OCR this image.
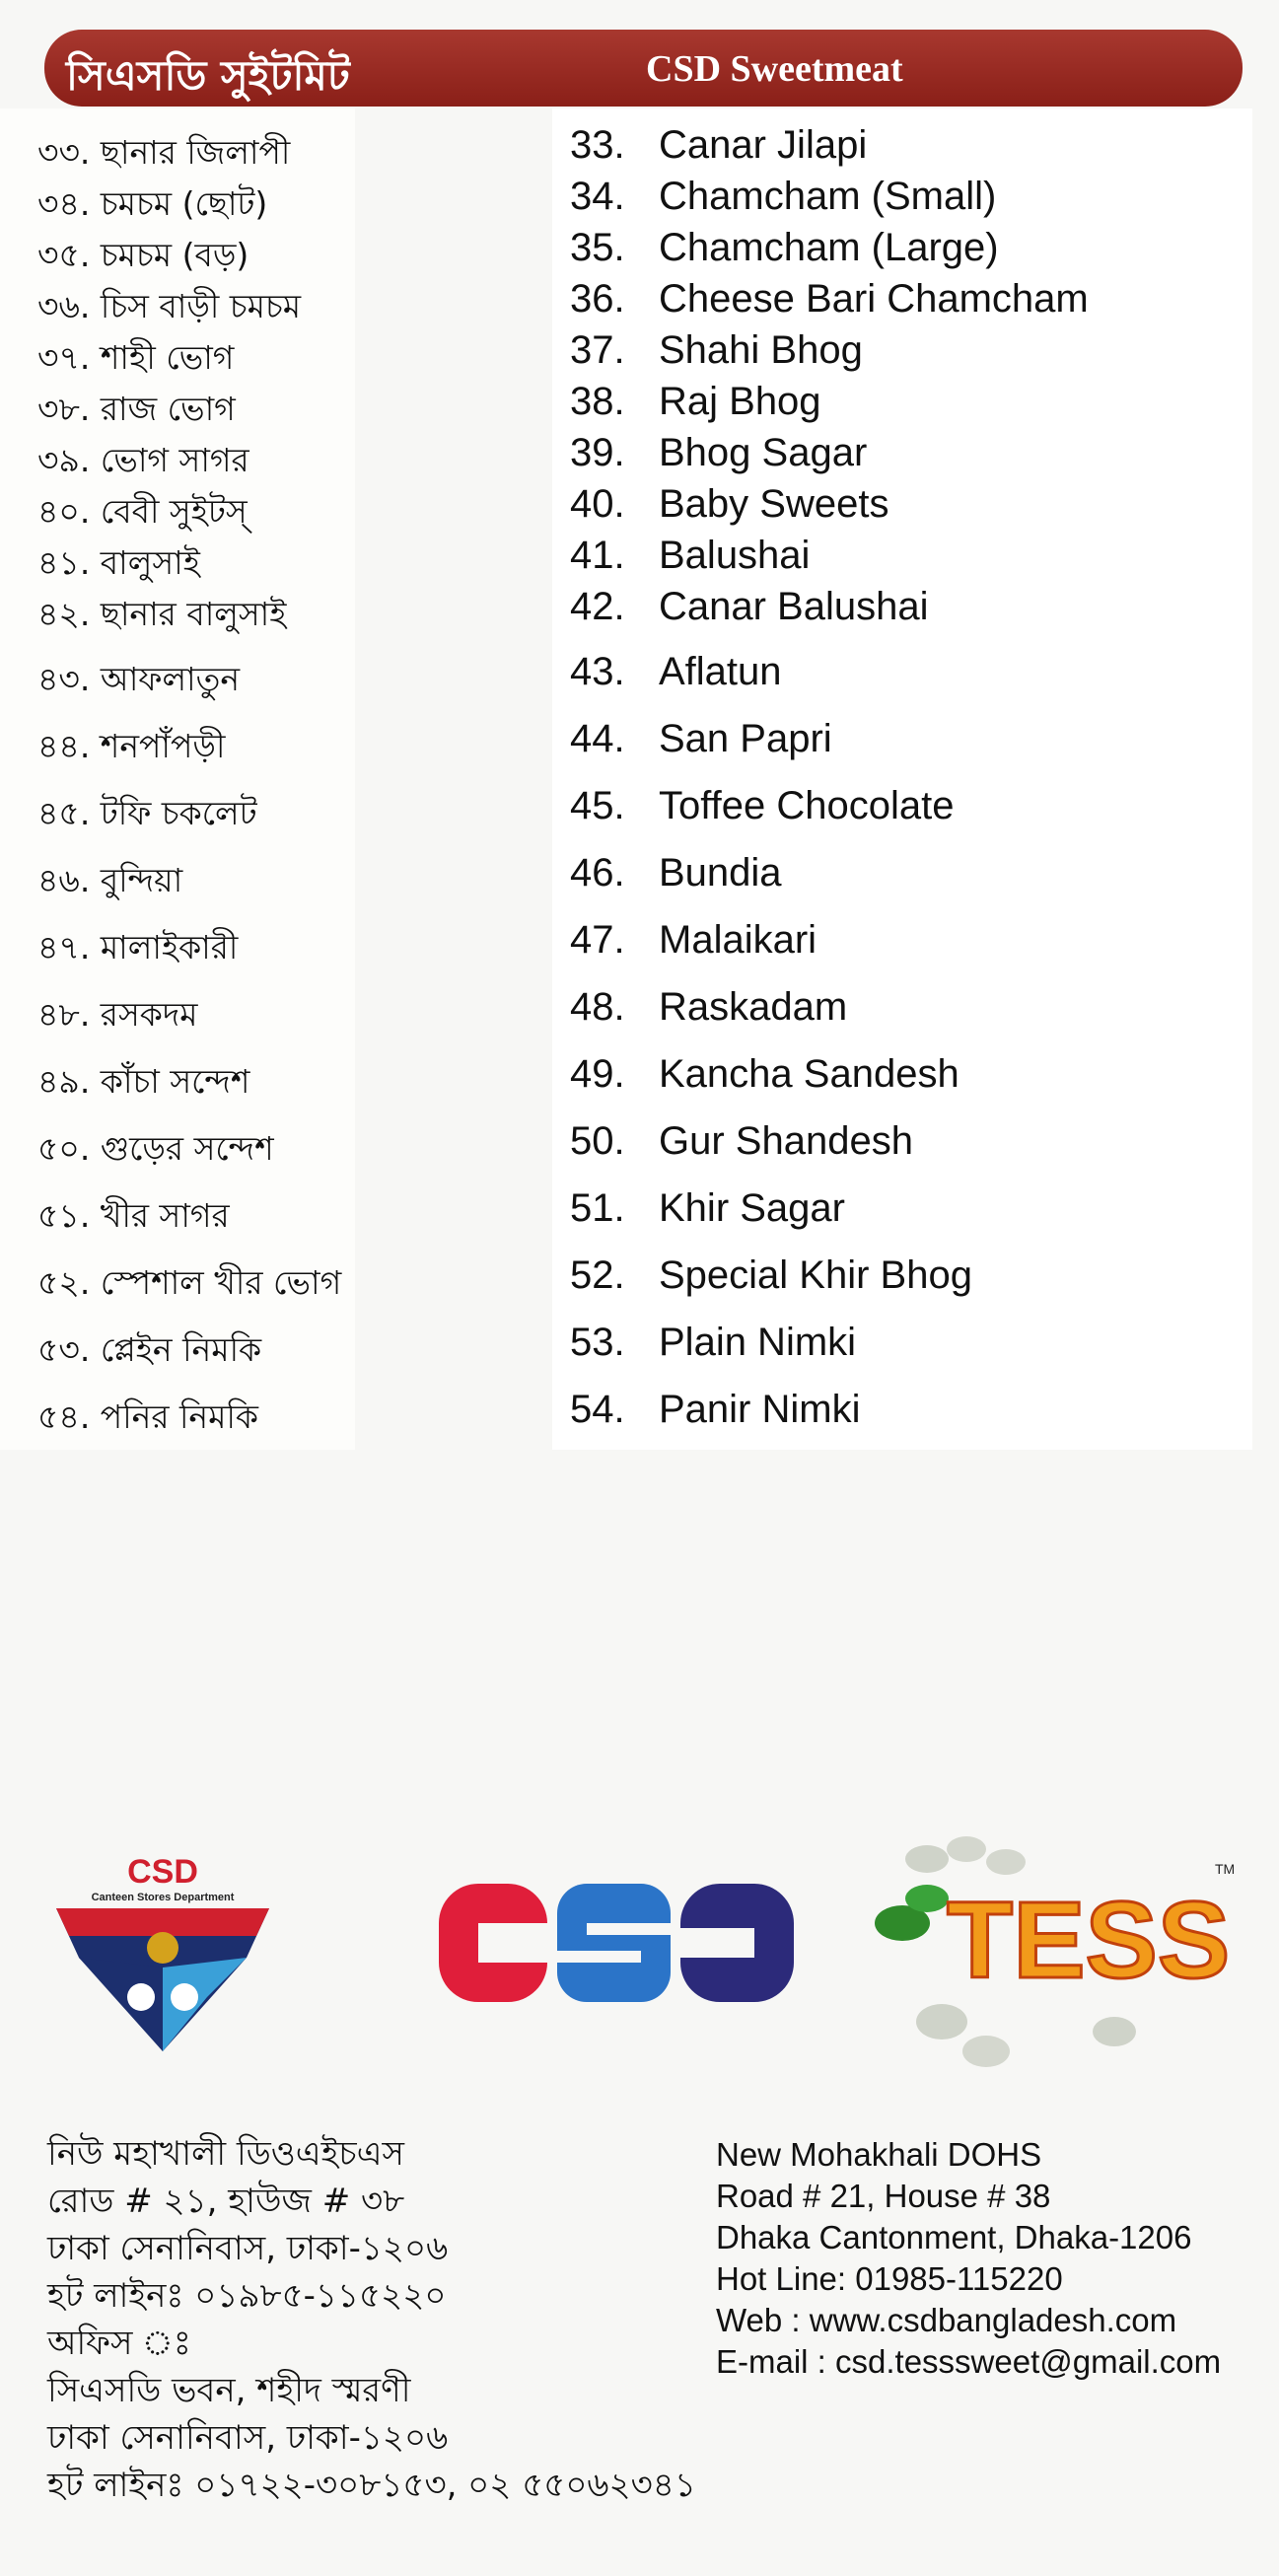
সিএসডি সুইটমিট	CSD Sweetmeat
৩৩. ছানার জিলাপী	33. Canar Jilapi
৩৪. চমচম (ছোট)	34. Chamcham (Small)
৩৫. চমচম (বড়)	35. Chamcham (Large)
৩৬. চিস বাড়ী চমচম	36. Cheese Bari Chamcham
৩৭. শাহী ভোগ	37. Shahi Bhog
৩৮. রাজ ভোগ	38. Raj Bhog
৩৯. ভোগ সাগর	39. Bhog Sagar
৪০. বেবী সুইটস্	40. Baby Sweets
৪১. বালুসাই	41. Balushai
৪২. ছানার বালুসাই	42. Canar Balushai
৪৩. আফলাতুন	43. Aflatun
৪৪. শনপাঁপড়ী	44. San Papri
৪৫. টফি চকলেট	45. Toffee Chocolate
৪৬. বুন্দিয়া	46. Bundia
৪৭. মালাইকারী	47. Malaikari
৪৮. রসকদম	48. Raskadam
৪৯. কাঁচা সন্দেশ	49. Kancha Sandesh
৫০. গুড়ের সন্দেশ	50. Gur Shandesh
৫১. খীর সাগর	51. Khir Sagar
৫২. স্পেশাল খীর ভোগ	52. Special Khir Bhog
৫৩. প্লেইন নিমকি	53. Plain Nimki
৫৪. পনির নিমকি	54. Panir Nimki
CSD
Canteen Stores Department
CSD
TESS
TM
নিউ মহাখালী ডিওএইচএস
রোড # ২১, হাউজ # ৩৮
ঢাকা সেনানিবাস, ঢাকা-১২০৬
হট লাইনঃ ০১৯৮৫-১১৫২২০
অফিস ঃ
সিএসডি ভবন, শহীদ স্মরণী
ঢাকা সেনানিবাস, ঢাকা-১২০৬
হট লাইনঃ ০১৭২২-৩০৮১৫৩, ০২ ৫৫০৬২৩৪১
New Mohakhali DOHS
Road # 21, House # 38
Dhaka Cantonment, Dhaka-1206
Hot Line: 01985-115220
Web : www.csdbangladesh.com
E-mail : csd.tesssweet@gmail.com
